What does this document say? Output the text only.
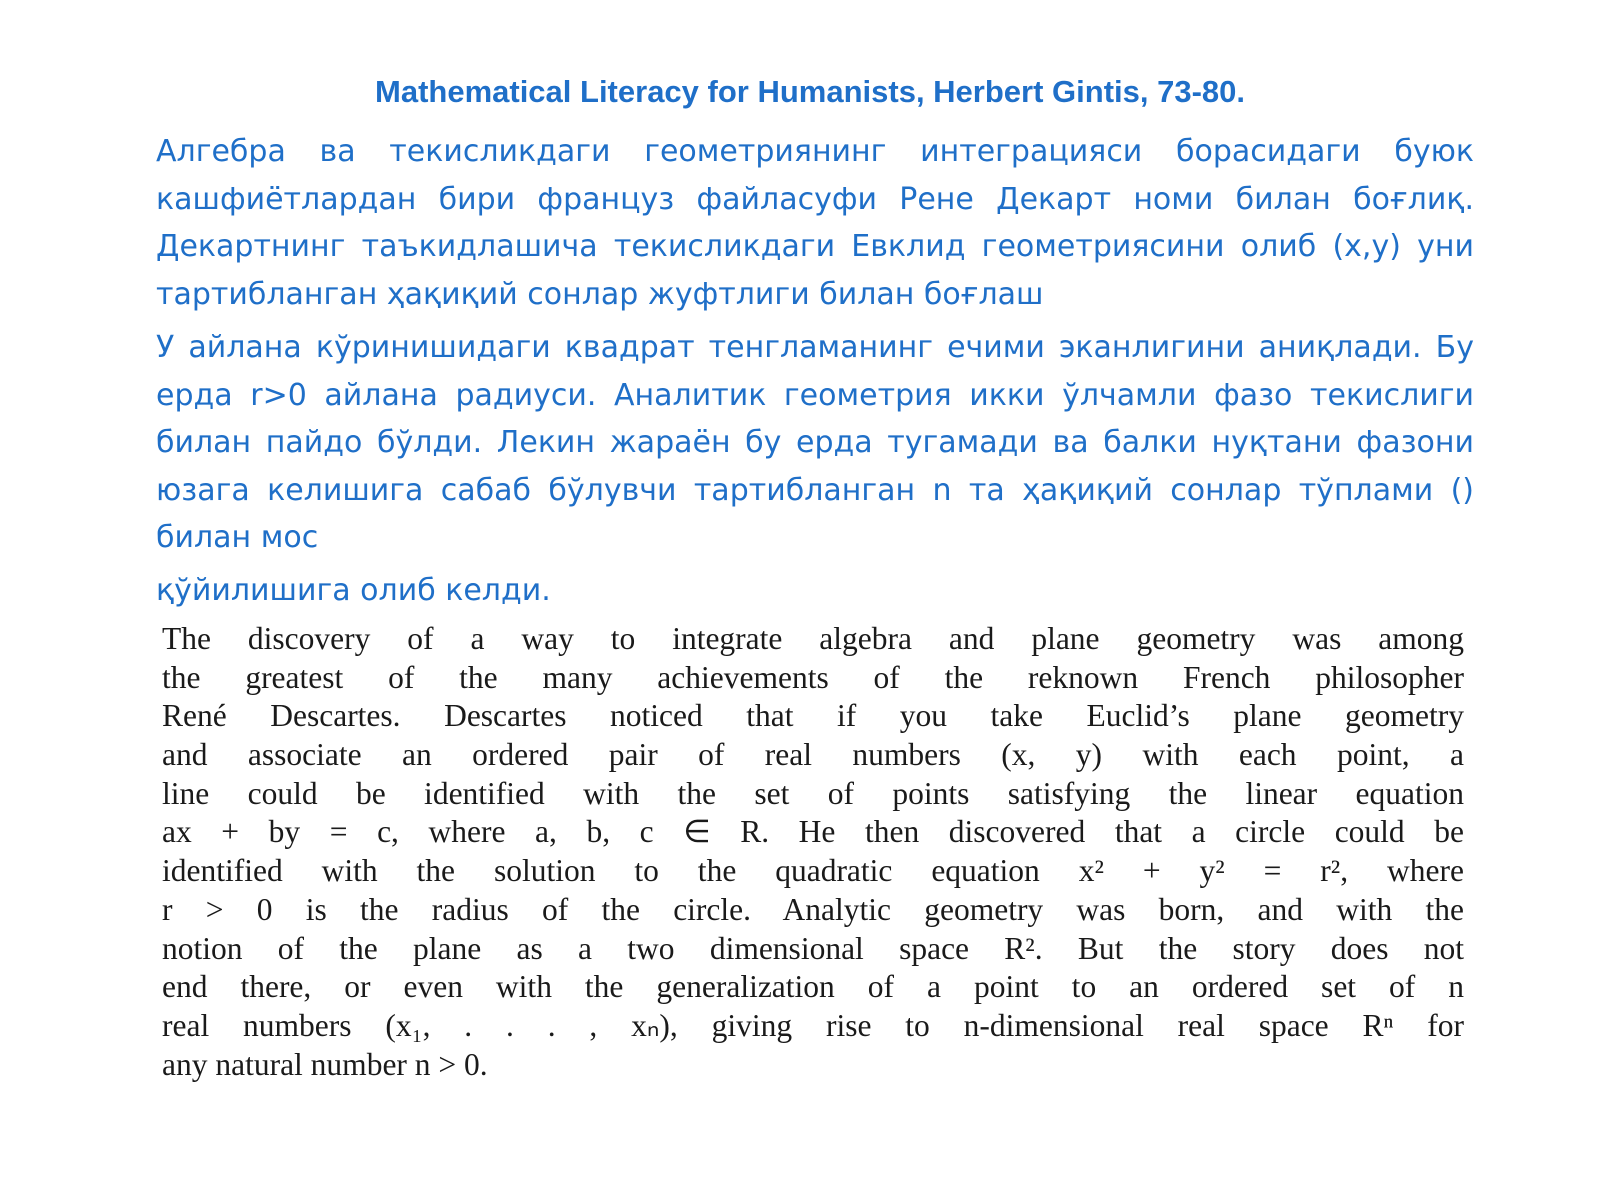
Mathematical Literacy for Humanists, Herbert Gintis, 73-80.

Алгебра ва текисликдаги геометриянинг интеграцияси борасидаги буюк кашфиётлардан бири француз файласуфи Рене Декарт номи билан боғлиқ. Декартнинг таъкидлашича текисликдаги Евклид геометриясини олиб (x,y) уни тартибланган ҳақиқий сонлар жуфтлиги билан боғлаш

У айлана кўринишидаги квадрат тенгламанинг ечими эканлигини аниқлади. Бу ерда r>0 айлана радиуси. Аналитик геометрия икки ўлчамли фазо текислиги билан пайдо бўлди. Лекин жараён бу ерда тугамади ва балки нуқтани фазони юзага келишига сабаб бўлувчи тартибланган n та ҳақиқий сонлар тўплами () билан мос

қўйилишига олиб келди.

The discovery of a way to integrate algebra and plane geometry was among
the greatest of the many achievements of the reknown French philosopher
René Descartes. Descartes noticed that if you take Euclid’s plane geometry
and associate an ordered pair of real numbers (x, y) with each point, a
line could be identified with the set of points satisfying the linear equation
ax + by = c, where a, b, c ∈ R. He then discovered that a circle could be
identified with the solution to the quadratic equation x² + y² = r², where
r > 0 is the radius of the circle. Analytic geometry was born, and with the
notion of the plane as a two dimensional space R². But the story does not
end there, or even with the generalization of a point to an ordered set of n
real numbers (x₁, . . . , xₙ), giving rise to n-dimensional real space Rⁿ for
any natural number n > 0.
